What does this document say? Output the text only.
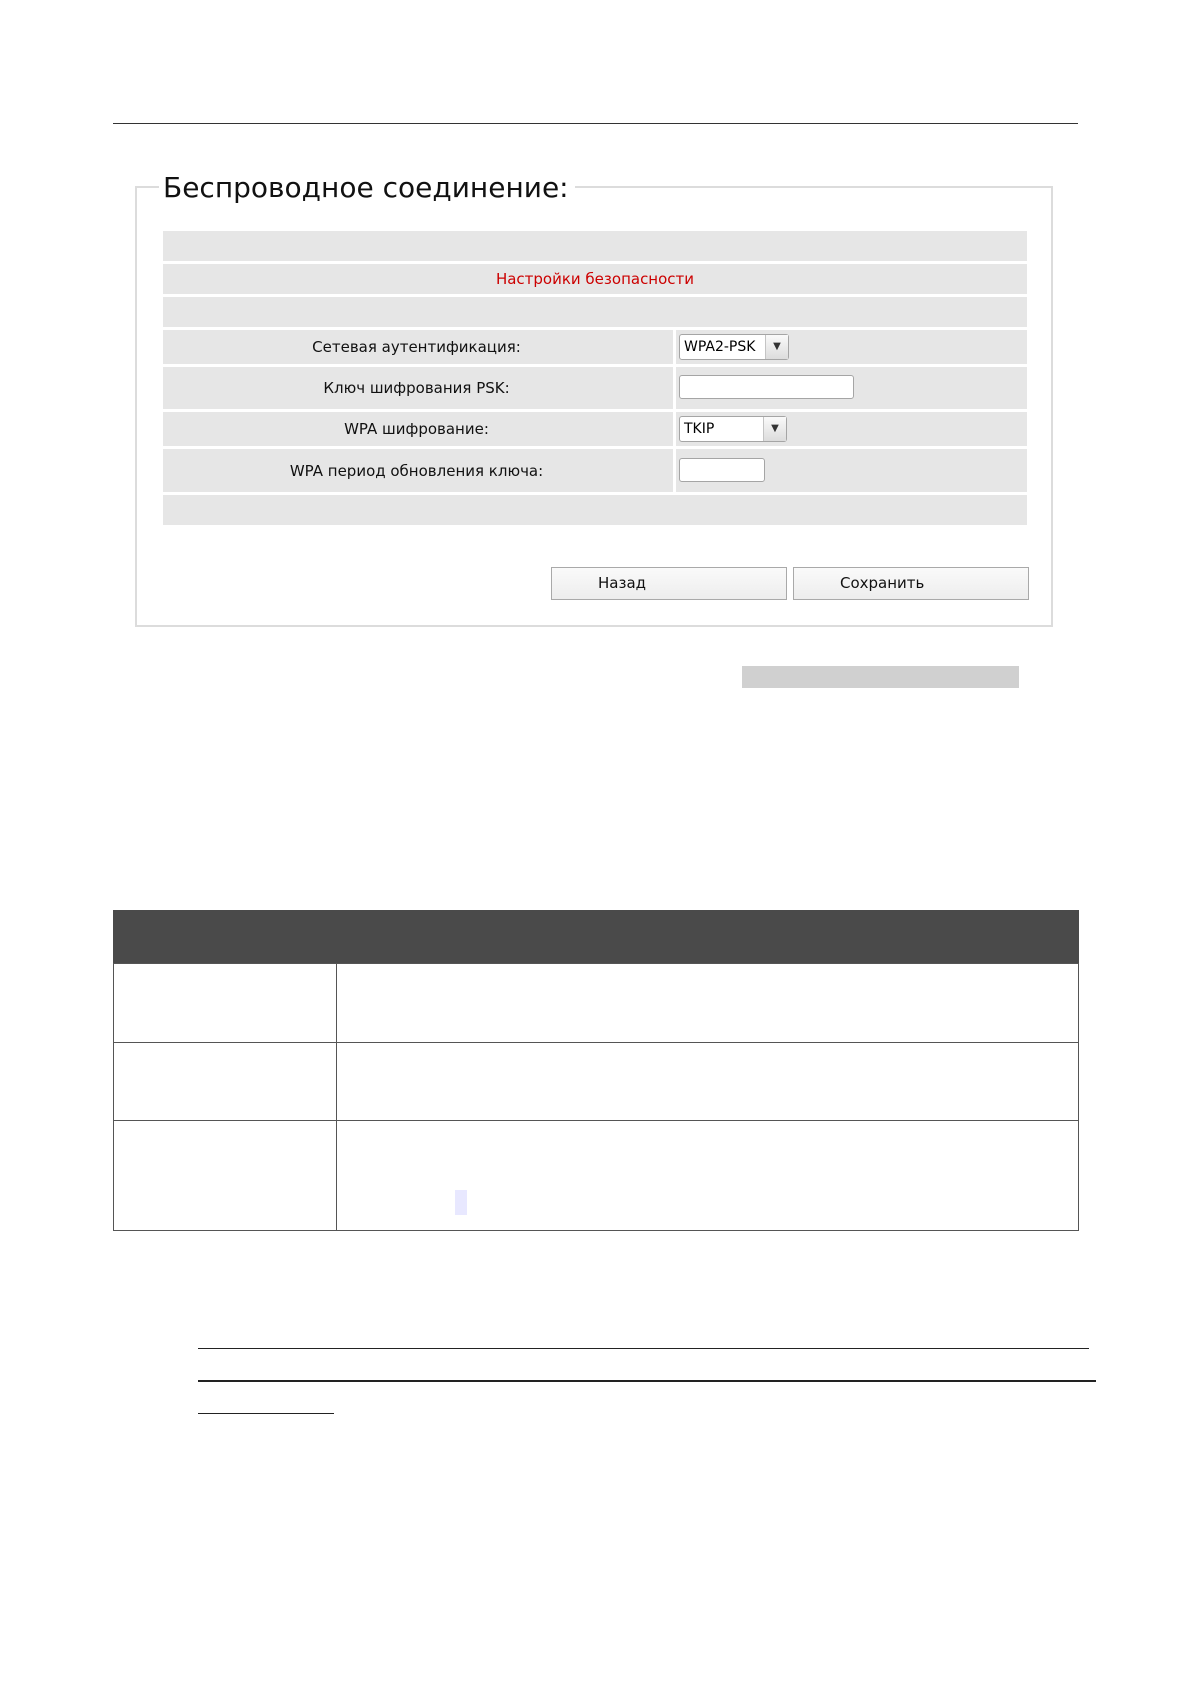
Беспроводное соединение:
Настройки безопасности
Сетевая аутентификация:	WPA2-PSK	▼
Ключ шифрования PSK:
WPA шифрование:	TKIP	▼
WPA период обновления ключа:
Назад	Сохранить
